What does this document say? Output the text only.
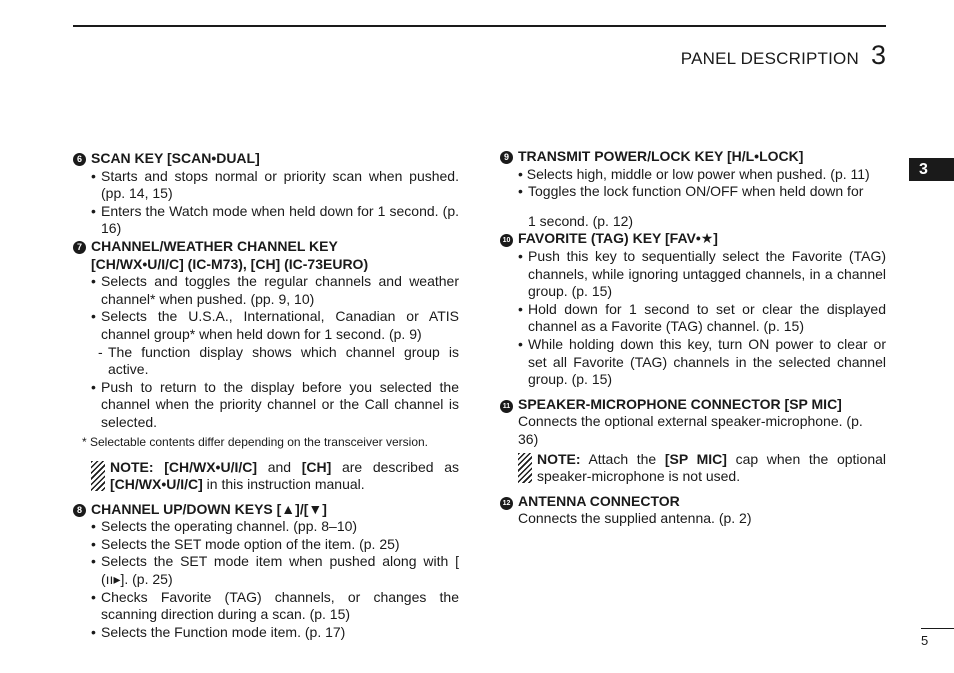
PANEL DESCRIPTION 3
3
6 SCAN KEY [SCAN•DUAL]
• Starts and stops normal or priority scan when pushed. (pp. 14, 15)
• Enters the Watch mode when held down for 1 second. (p. 16)
7 CHANNEL/WEATHER CHANNEL KEY
[CH/WX•U/I/C] (IC-M73), [CH] (IC-73EURO)
• Selects and toggles the regular channels and weather channel* when pushed. (pp. 9, 10)
• Selects the U.S.A., International, Canadian or ATIS channel group* when held down for 1 second. (p. 9)
- The function display shows which channel group is active.
• Push to return to the display before you selected the channel when the priority channel or the Call channel is selected.
* Selectable contents differ depending on the transceiver version.
NOTE: [CH/WX•U/I/C] and [CH] are described as [CH/WX•U/I/C] in this instruction manual.
8 CHANNEL UP/DOWN KEYS [▲]/[▼]
• Selects the operating channel. (pp. 8–10)
• Selects the SET mode option of the item. (p. 25)
• Selects the SET mode item when pushed along with [ (ıı▸]. (p. 25)
• Checks Favorite (TAG) channels, or changes the scanning direction during a scan. (p. 15)
• Selects the Function mode item. (p. 17)
9 TRANSMIT POWER/LOCK KEY [H/L•LOCK]
• Selects high, middle or low power when pushed. (p. 11)
• Toggles the lock function ON/OFF when held down for
1 second. (p. 12)
10 FAVORITE (TAG) KEY [FAV•★]
• Push this key to sequentially select the Favorite (TAG) channels, while ignoring untagged channels, in a channel group. (p. 15)
• Hold down for 1 second to set or clear the displayed channel as a Favorite (TAG) channel. (p. 15)
• While holding down this key, turn ON power to clear or set all Favorite (TAG) channels in the selected channel group. (p. 15)
11 SPEAKER-MICROPHONE CONNECTOR [SP MIC]
Connects the optional external speaker-microphone. (p. 36)
NOTE: Attach the [SP MIC] cap when the optional speaker-microphone is not used.
12 ANTENNA CONNECTOR
Connects the supplied antenna. (p. 2)
5
